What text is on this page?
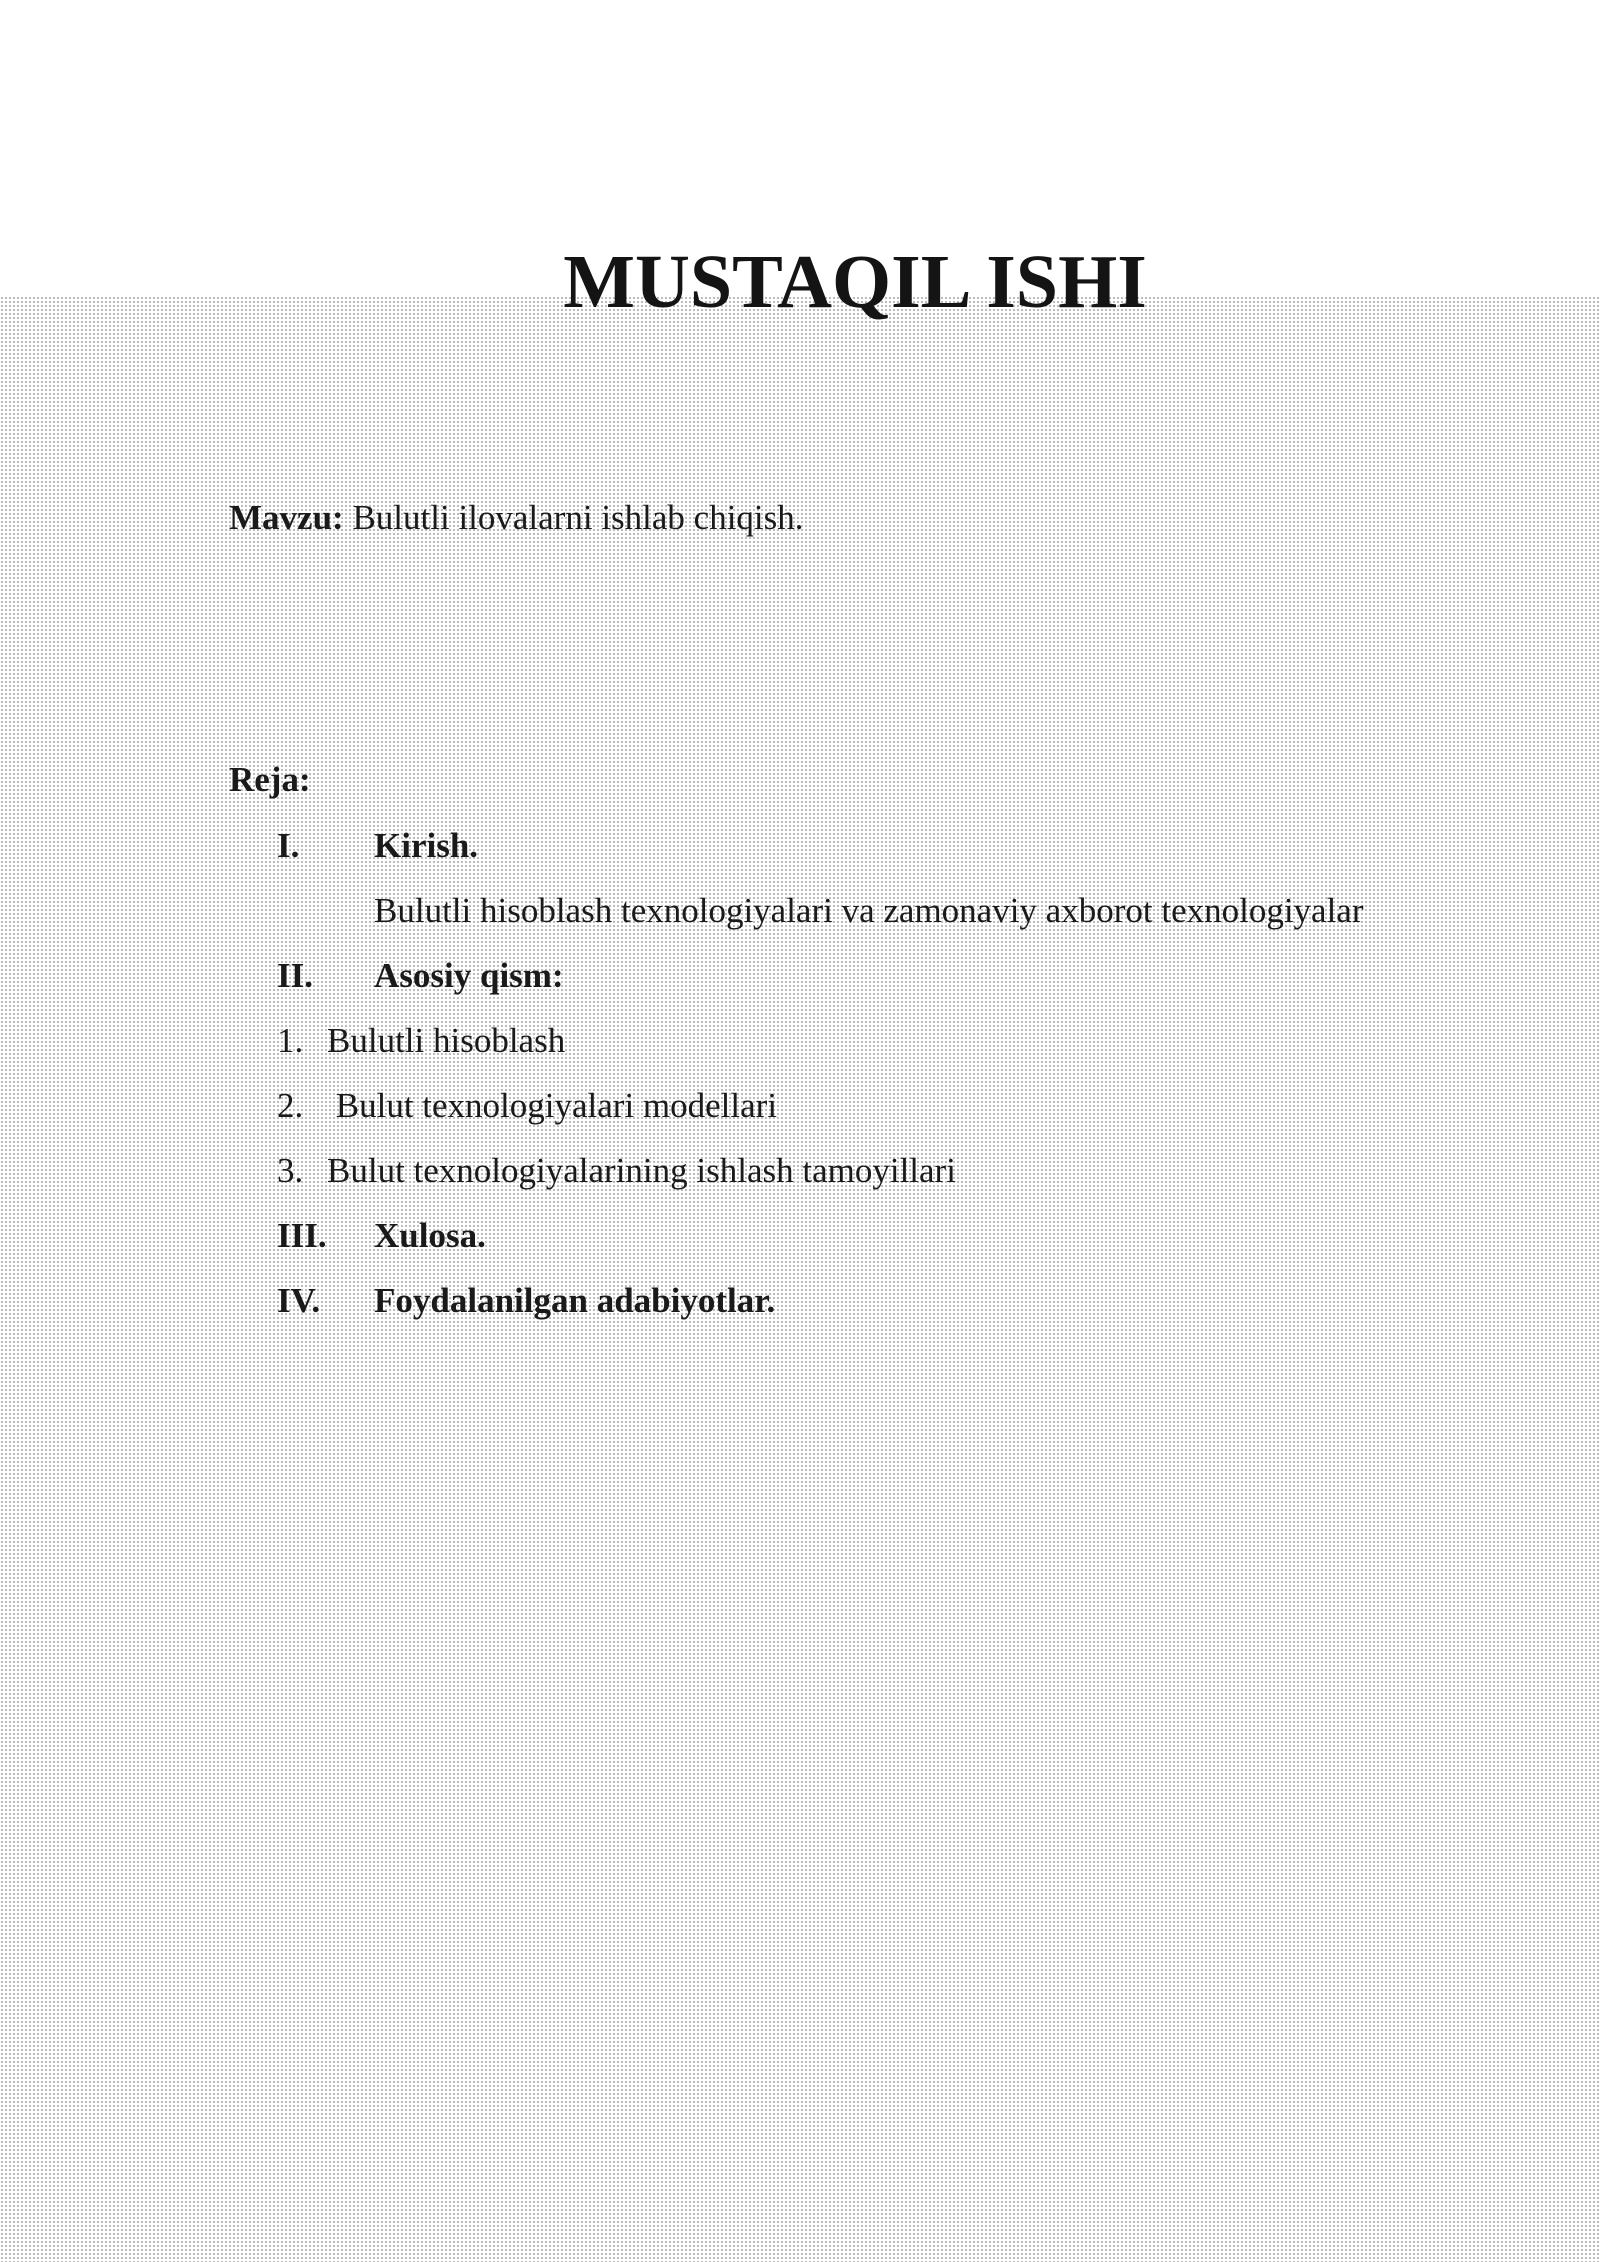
MUSTAQIL ISHI
Mavzu: Bulutli ilovalarni ishlab chiqish.
Reja:
I. Kirish.
Bulutli hisoblash texnologiyalari va zamonaviy axborot texnologiyalar
II. Asosiy qism:
1. Bulutli hisoblash
2. Bulut texnologiyalari modellari
3. Bulut texnologiyalarining ishlash tamoyillari
III. Xulosa.
IV. Foydalanilgan adabiyotlar.
